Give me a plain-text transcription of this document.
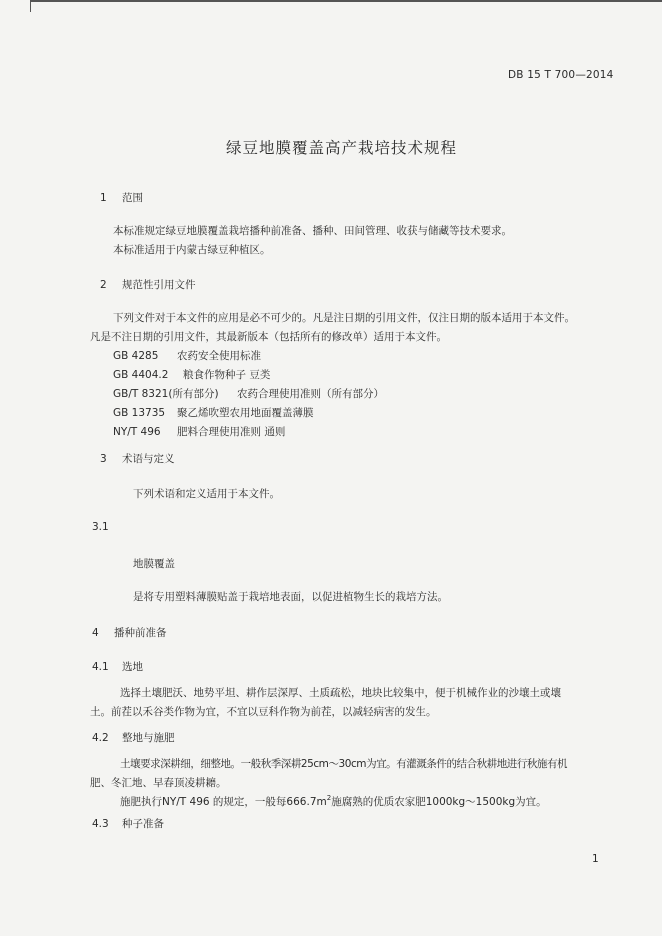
DB 15 T 700—2014
绿豆地膜覆盖高产栽培技术规程
1 范围
本标准规定绿豆地膜覆盖栽培播种前准备、播种、田间管理、收获与储藏等技术要求。
本标准适用于内蒙古绿豆种植区。
2 规范性引用文件
下列文件对于本文件的应用是必不可少的。凡是注日期的引用文件，仅注日期的版本适用于本文件。
凡是不注日期的引用文件，其最新版本（包括所有的修改单）适用于本文件。
GB 4285 农药安全使用标准
GB 4404.2 粮食作物种子 豆类
GB/T 8321(所有部分) 农药合理使用准则（所有部分）
GB 13735 聚乙烯吹塑农用地面覆盖薄膜
NY/T 496 肥料合理使用准则 通则
3 术语与定义
下列术语和定义适用于本文件。
3.1
地膜覆盖
是将专用塑料薄膜贴盖于栽培地表面，以促进植物生长的栽培方法。
4 播种前准备
4.1 选地
选择土壤肥沃、地势平坦、耕作层深厚、土质疏松，地块比较集中，便于机械作业的沙壤土或壤
土。前茬以禾谷类作物为宜，不宜以豆科作物为前茬，以减轻病害的发生。
4.2 整地与施肥
土壤要求深耕细，细整地。一般秋季深耕25cm～30cm为宜。有灌溉条件的结合秋耕地进行秋施有机
肥、冬汇地、早春顶凌耕耱。
施肥执行NY/T 496 的规定，一般每$666.7m^2$施腐熟的优质农家肥1000kg～1500kg为宜。
4.3 种子准备
1
